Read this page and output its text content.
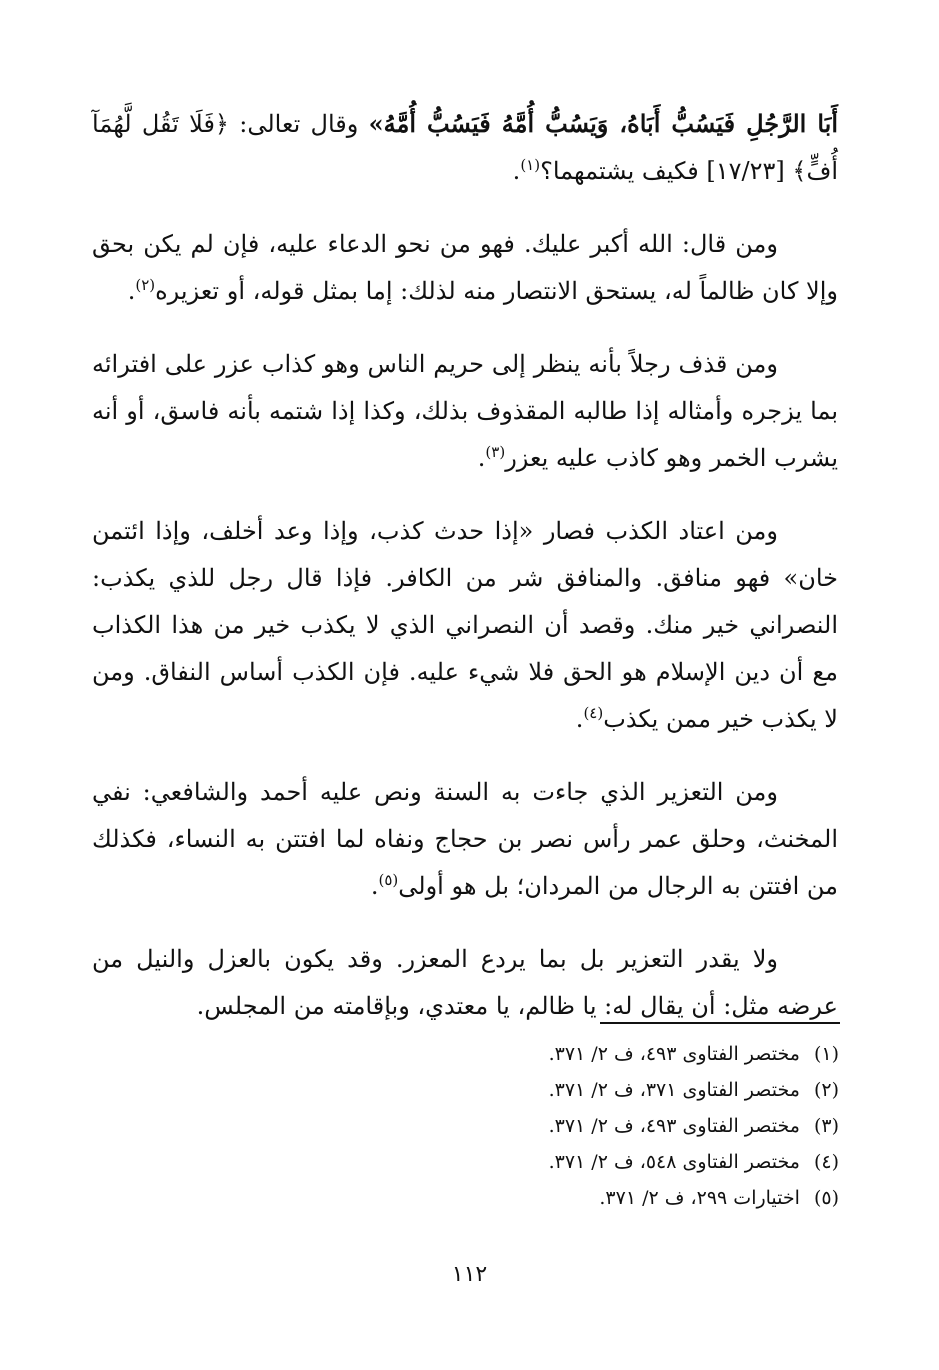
أَبَا الرَّجُلِ فَيَسُبُّ أَبَاهُ، وَيَسُبُّ أُمَّهُ فَيَسُبُّ أُمَّهُ» وقال تعالى: ﴿فَلَا تَقُل لَّهُمَآ أُفٍّ﴾ [١٧/٢٣] فكيف يشتمهما؟$^{(١)}$.

ومن قال: الله أكبر عليك. فهو من نحو الدعاء عليه، فإن لم يكن بحق وإلا كان ظالماً له، يستحق الانتصار منه لذلك: إما بمثل قوله، أو تعزيره$^{(٢)}$.

ومن قذف رجلاً بأنه ينظر إلى حريم الناس وهو كذاب عزر على افترائه بما يزجره وأمثاله إذا طالبه المقذوف بذلك، وكذا إذا شتمه بأنه فاسق، أو أنه يشرب الخمر وهو كاذب عليه يعزر$^{(٣)}$.

ومن اعتاد الكذب فصار «إذا حدث كذب، وإذا وعد أخلف، وإذا ائتمن خان» فهو منافق. والمنافق شر من الكافر. فإذا قال رجل للذي يكذب: النصراني خير منك. وقصد أن النصراني الذي لا يكذب خير من هذا الكذاب مع أن دين الإسلام هو الحق فلا شيء عليه. فإن الكذب أساس النفاق. ومن لا يكذب خير ممن يكذب$^{(٤)}$.

ومن التعزير الذي جاءت به السنة ونص عليه أحمد والشافعي: نفي المخنث، وحلق عمر رأس نصر بن حجاج ونفاه لما افتتن به النساء، فكذلك من افتتن به الرجال من المردان؛ بل هو أولى$^{(٥)}$.

ولا يقدر التعزير بل بما يردع المعزر. وقد يكون بالعزل والنيل من عرضه مثل: أن يقال له: يا ظالم، يا معتدي، وبإقامته من المجلس.

(١)مختصر الفتاوى ٤٩٣، ف ٢/ ٣٧١.

(٢)مختصر الفتاوى ٣٧١، ف ٢/ ٣٧١.

(٣)مختصر الفتاوى ٤٩٣، ف ٢/ ٣٧١.

(٤)مختصر الفتاوى ٥٤٨، ف ٢/ ٣٧١.

(٥)اختيارات ٢٩٩، ف ٢/ ٣٧١.

١١٢
